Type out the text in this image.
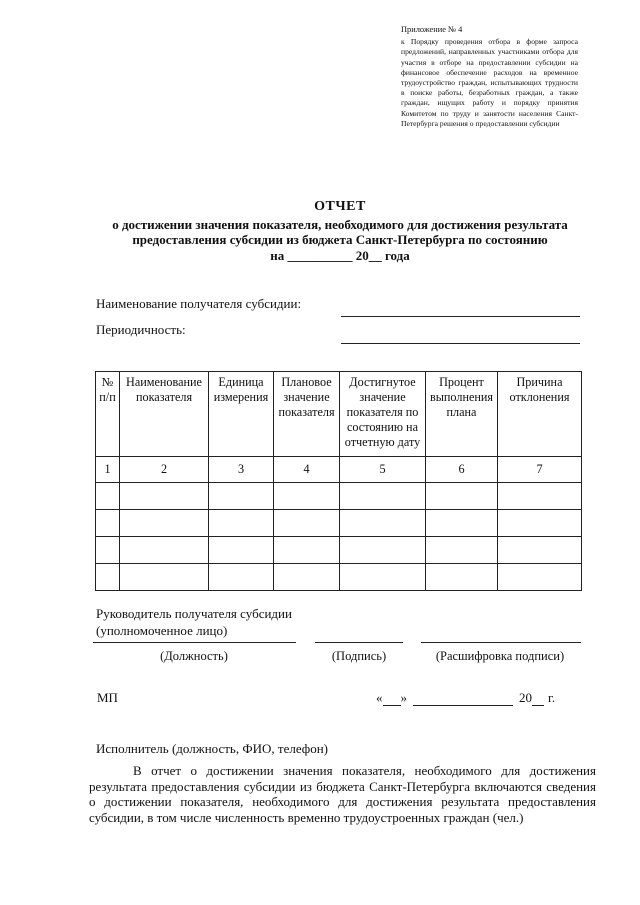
Приложение № 4
к Порядку проведения отбора в форме запроса предложений, направленных участниками отбора для участия в отборе на предоставлении субсидии на финансовое обеспечение расходов на временное трудоустройство граждан, испытывающих трудности в поиске работы, безработных граждан, а также граждан, ищущих работу и порядку принятия Комитетом по труду и занятости населения Санкт-Петербурга решения о предоставлении субсидии
ОТЧЕТ
о достижении значения показателя, необходимого для достижения результата
предоставления субсидии из бюджета Санкт-Петербурга по состоянию
на __________ 20__ года
Наименование получателя субсидии:
Периодичность:
№ п/п	Наименование показателя	Единица измерения	Плановое значение показателя	Достигнутое значение показателя по состоянию на отчетную дату	Процент выполнения плана	Причина отклонения
1	2	3	4	5	6	7

Руководитель получателя субсидии
(уполномоченное лицо)
(Должность)	(Подпись)	(Расшифровка подписи)
МП	« »	20 г.
Исполнитель (должность, ФИО, телефон)
В отчет о достижении значения показателя, необходимого для достижения результата предоставления субсидии из бюджета Санкт-Петербурга включаются сведения о достижении показателя, необходимого для достижения результата предоставления субсидии, в том числе численность временно трудоустроенных граждан (чел.)
